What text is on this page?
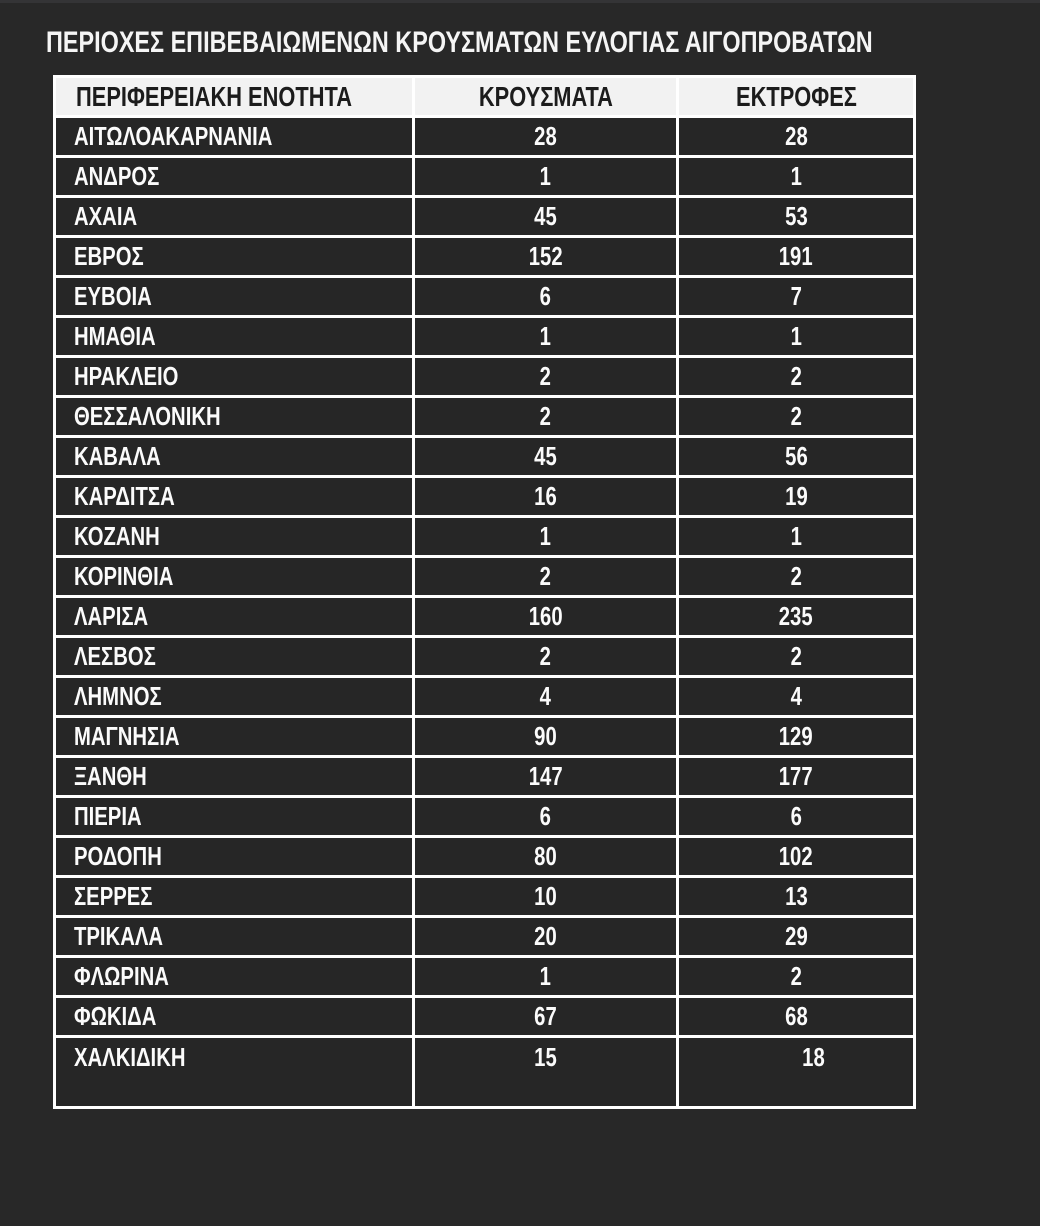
ΠΕΡΙΟΧΕΣ ΕΠΙΒΕΒΑΙΩΜΕΝΩΝ ΚΡΟΥΣΜΑΤΩΝ ΕΥΛΟΓΙΑΣ ΑΙΓΟΠΡΟΒΑΤΩΝ
ΠΕΡΙΦΕΡΕΙΑΚΗ ΕΝΟΤΗΤΑ	ΚΡΟΥΣΜΑΤΑ	ΕΚΤΡΟΦΕΣ
ΑΙΤΩΛΟΑΚΑΡΝΑΝΙΑ	28	28
ΑΝΔΡΟΣ	1	1
ΑΧΑΙΑ	45	53
ΕΒΡΟΣ	152	191
ΕΥΒΟΙΑ	6	7
ΗΜΑΘΙΑ	1	1
ΗΡΑΚΛΕΙΟ	2	2
ΘΕΣΣΑΛΟΝΙΚΗ	2	2
ΚΑΒΑΛΑ	45	56
ΚΑΡΔΙΤΣΑ	16	19
ΚΟΖΑΝΗ	1	1
ΚΟΡΙΝΘΙΑ	2	2
ΛΑΡΙΣΑ	160	235
ΛΕΣΒΟΣ	2	2
ΛΗΜΝΟΣ	4	4
ΜΑΓΝΗΣΙΑ	90	129
ΞΑΝΘΗ	147	177
ΠΙΕΡΙΑ	6	6
ΡΟΔΟΠΗ	80	102
ΣΕΡΡΕΣ	10	13
ΤΡΙΚΑΛΑ	20	29
ΦΛΩΡΙΝΑ	1	2
ΦΩΚΙΔΑ	67	68
ΧΑΛΚΙΔΙΚΗ	15	18
